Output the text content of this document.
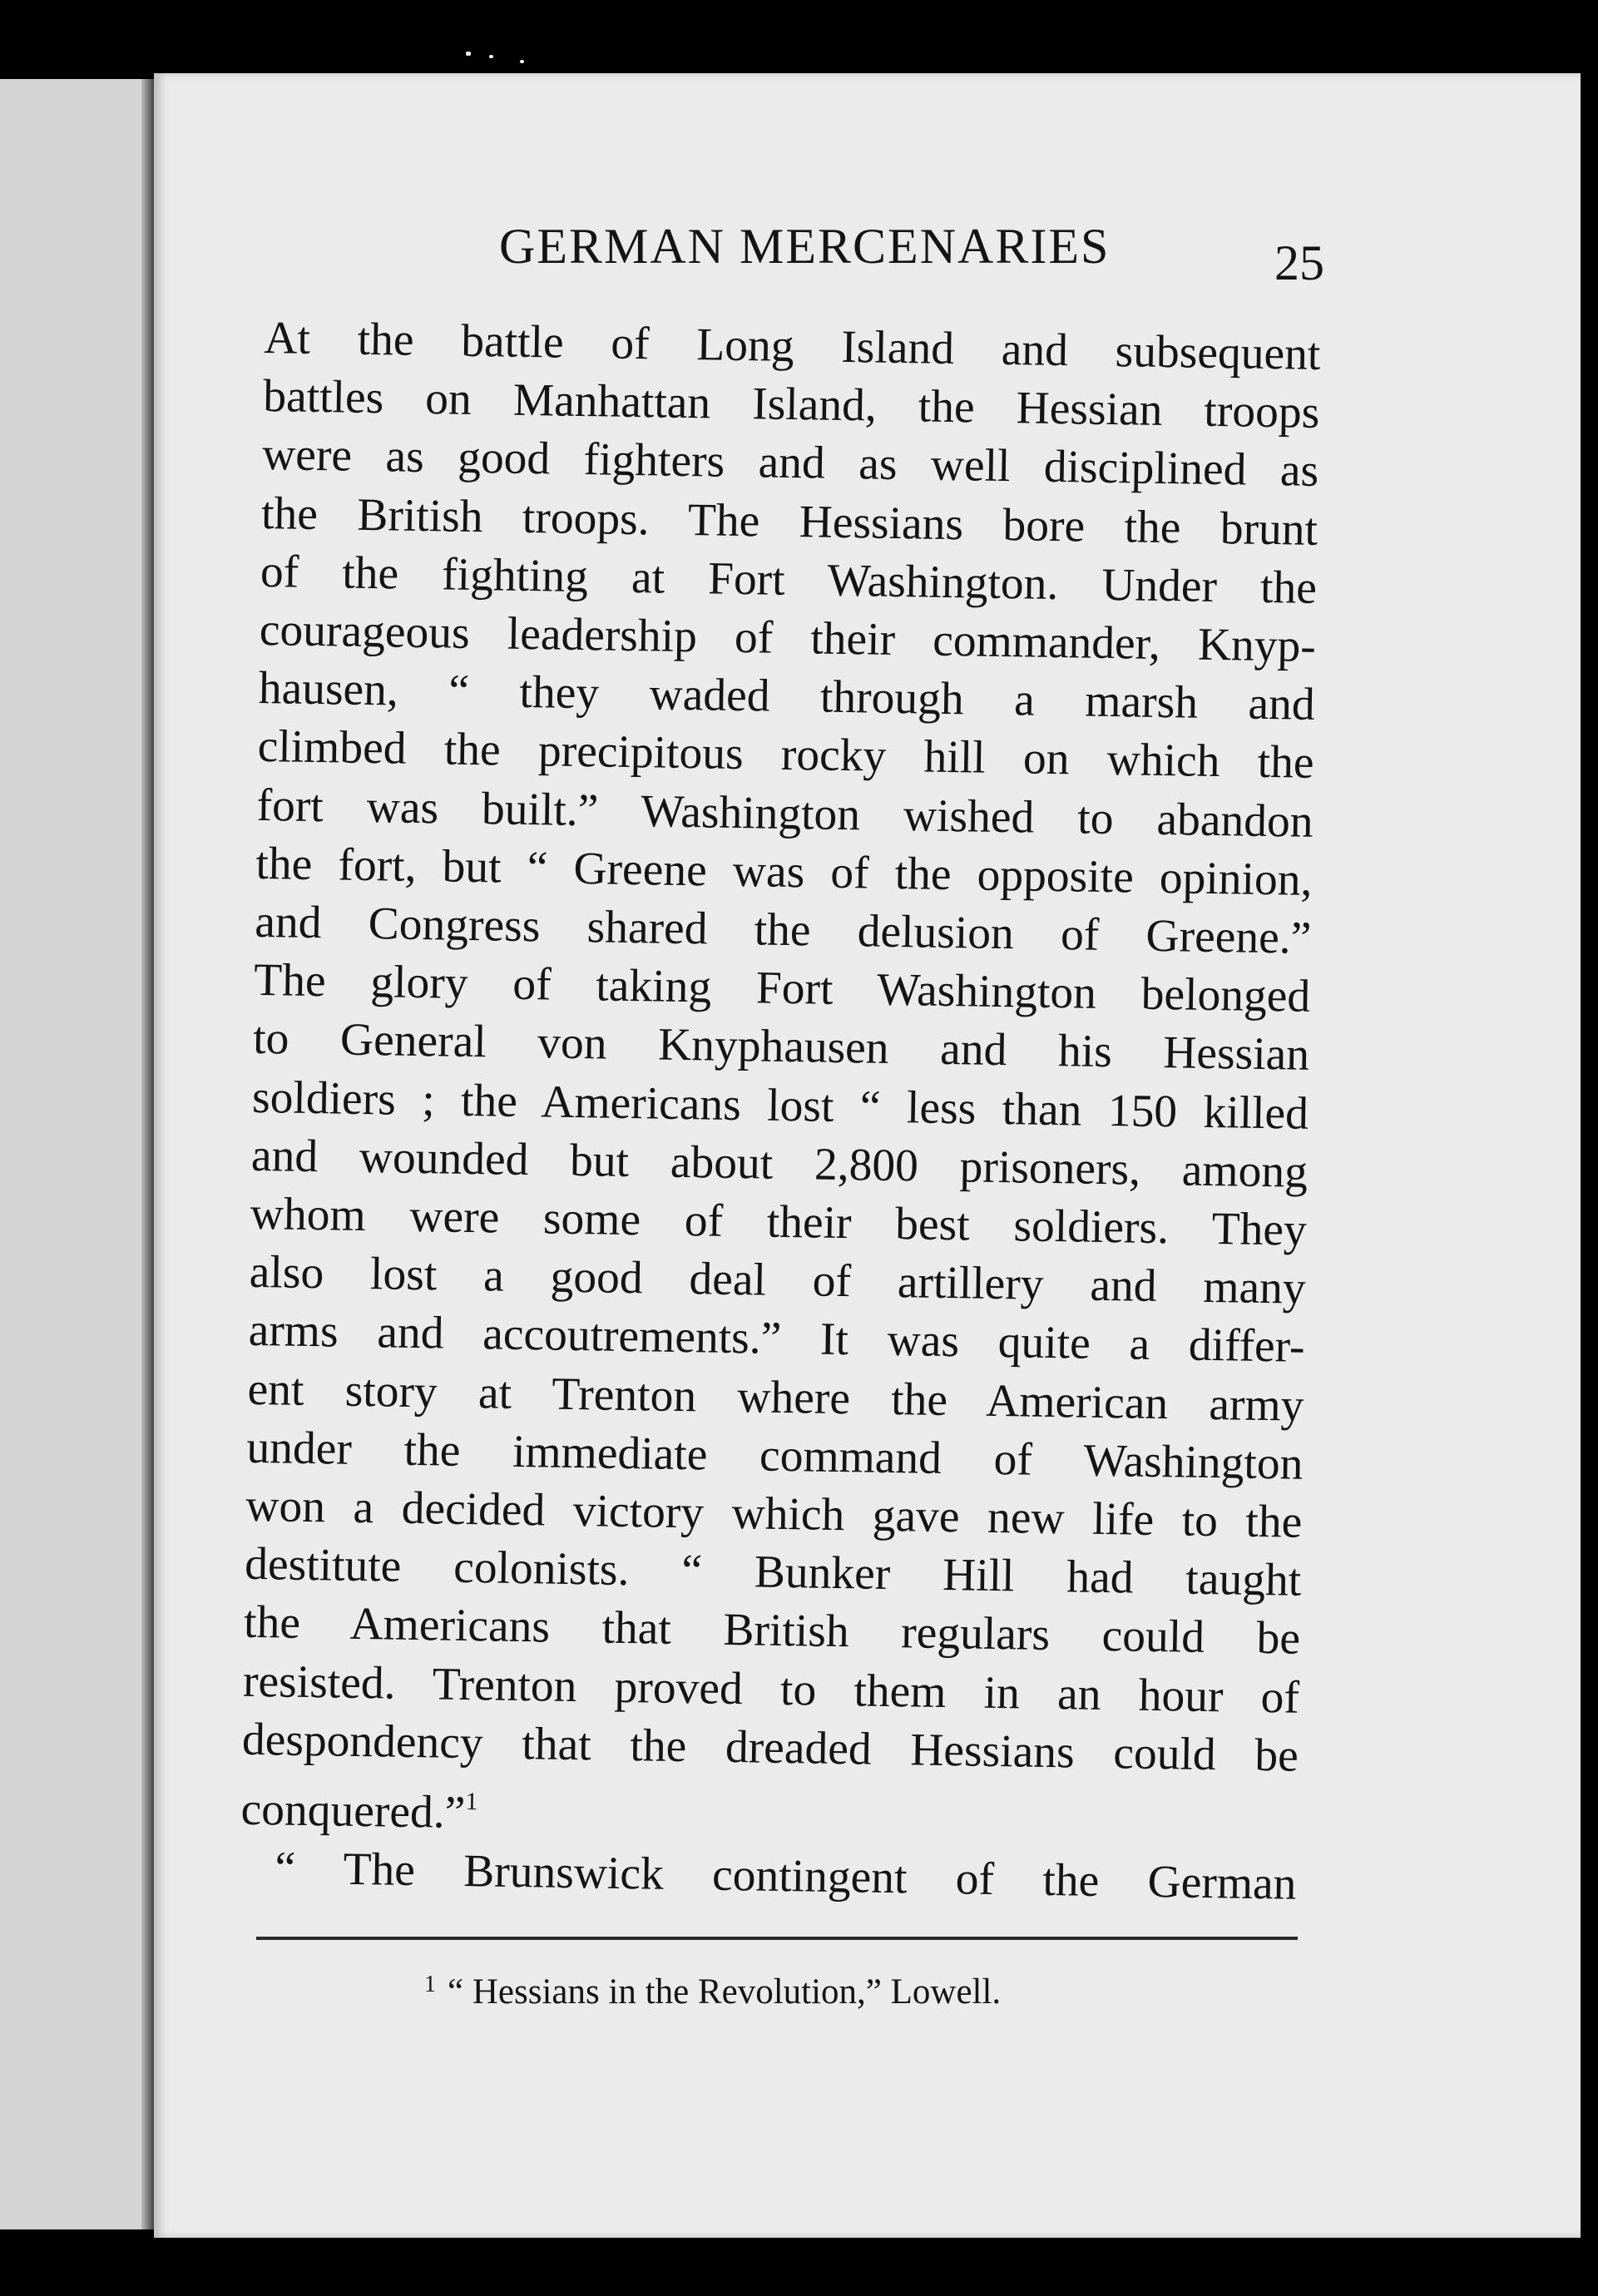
GERMAN MERCENARIES	25
At the battle of Long Island and subsequent
battles on Manhattan Island, the Hessian troops
were as good fighters and as well disciplined as
the British troops. The Hessians bore the brunt
of the fighting at Fort Washington. Under the
courageous leadership of their commander, Knyp-
hausen, “ they waded through a marsh and
climbed the precipitous rocky hill on which the
fort was built.” Washington wished to abandon
the fort, but “ Greene was of the opposite opinion,
and Congress shared the delusion of Greene.”
The glory of taking Fort Washington belonged
to General von Knyphausen and his Hessian
soldiers ; the Americans lost “ less than 150 killed
and wounded but about 2,800 prisoners, among
whom were some of their best soldiers. They
also lost a good deal of artillery and many
arms and accoutrements.” It was quite a differ-
ent story at Trenton where the American army
under the immediate command of Washington
won a decided victory which gave new life to the
destitute colonists. “ Bunker Hill had taught
the Americans that British regulars could be
resisted. Trenton proved to them in an hour of
despondency that the dreaded Hessians could be
conquered.”$^1$
“ The Brunswick contingent of the German
$^1$ “ Hessians in the Revolution,” Lowell.
